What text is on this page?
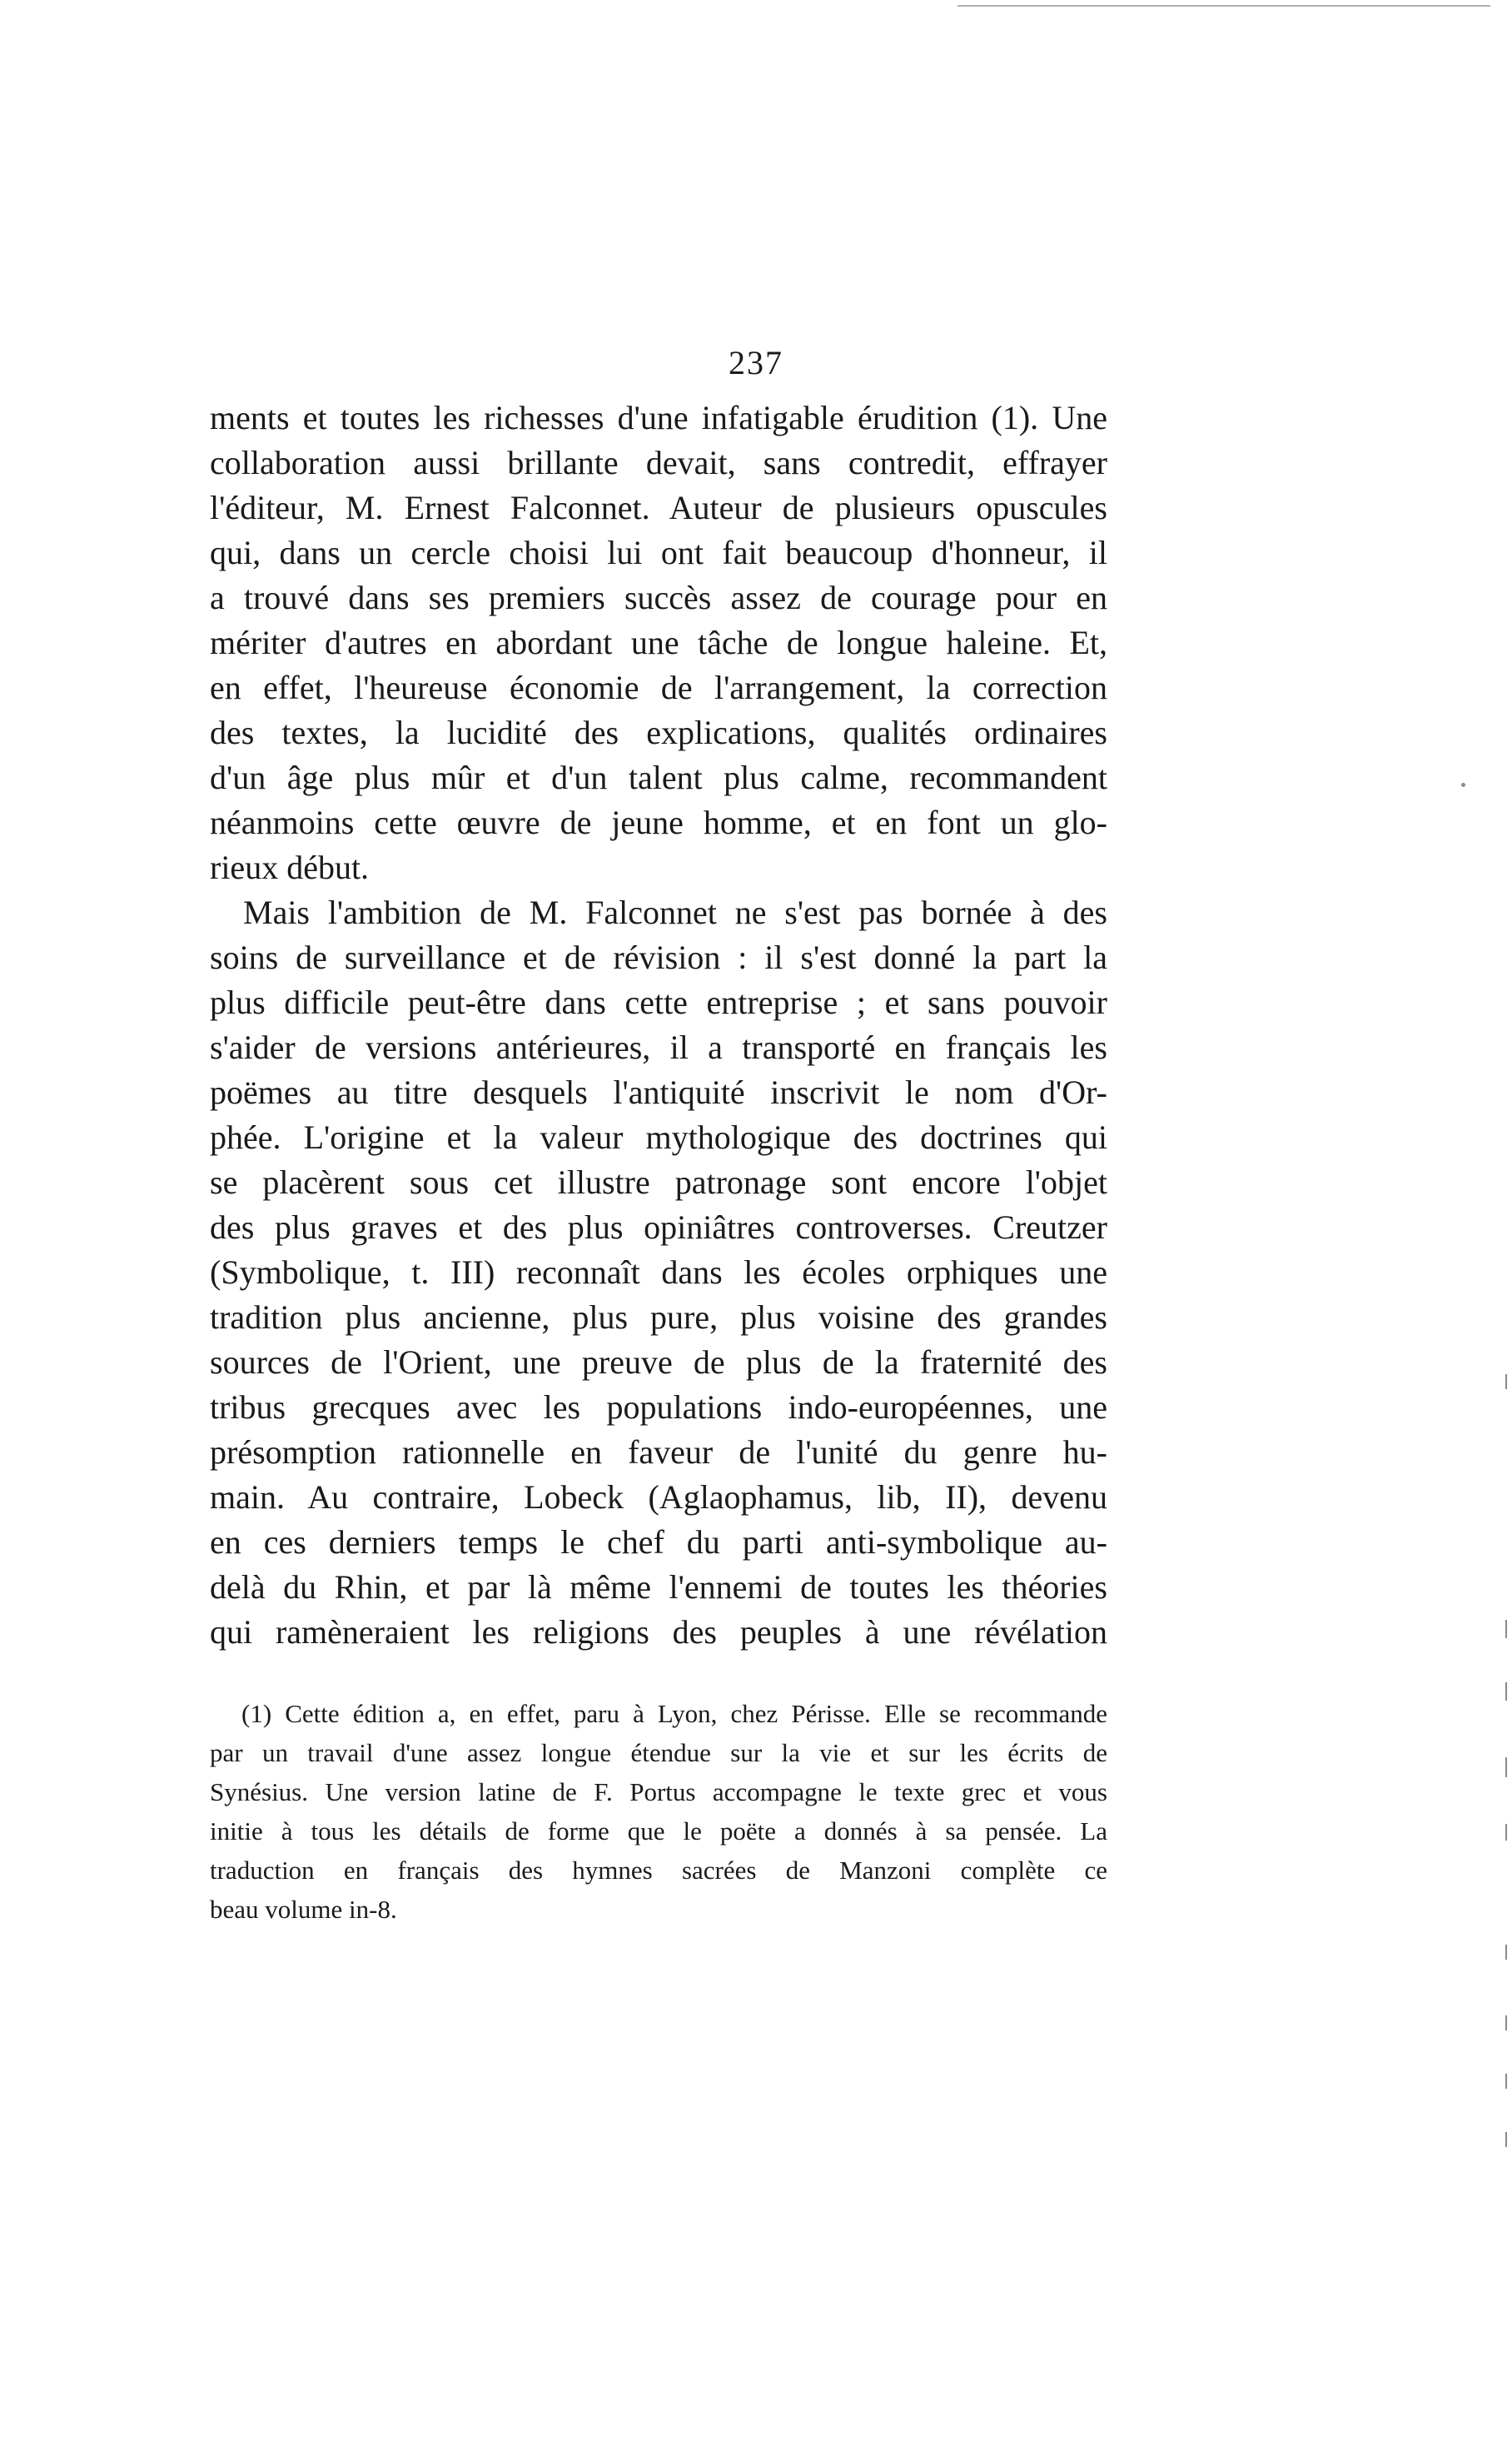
237
ments et toutes les richesses d'une infatigable érudition (1). Une
collaboration aussi brillante devait, sans contredit, effrayer
l'éditeur, M. Ernest Falconnet. Auteur de plusieurs opuscules
qui, dans un cercle choisi lui ont fait beaucoup d'honneur, il
a trouvé dans ses premiers succès assez de courage pour en
mériter d'autres en abordant une tâche de longue haleine. Et,
en effet, l'heureuse économie de l'arrangement, la correction
des textes, la lucidité des explications, qualités ordinaires
d'un âge plus mûr et d'un talent plus calme, recommandent
néanmoins cette œuvre de jeune homme, et en font un glo-
rieux début.
Mais l'ambition de M. Falconnet ne s'est pas bornée à des
soins de surveillance et de révision : il s'est donné la part la
plus difficile peut-être dans cette entreprise ; et sans pouvoir
s'aider de versions antérieures, il a transporté en français les
poëmes au titre desquels l'antiquité inscrivit le nom d'Or-
phée. L'origine et la valeur mythologique des doctrines qui
se placèrent sous cet illustre patronage sont encore l'objet
des plus graves et des plus opiniâtres controverses. Creutzer
(Symbolique, t. III) reconnaît dans les écoles orphiques une
tradition plus ancienne, plus pure, plus voisine des grandes
sources de l'Orient, une preuve de plus de la fraternité des
tribus grecques avec les populations indo-européennes, une
présomption rationnelle en faveur de l'unité du genre hu-
main. Au contraire, Lobeck (Aglaophamus, lib, II), devenu
en ces derniers temps le chef du parti anti-symbolique au-
delà du Rhin, et par là même l'ennemi de toutes les théories
qui ramèneraient les religions des peuples à une révélation
(1) Cette édition a, en effet, paru à Lyon, chez Périsse. Elle se recommande
par un travail d'une assez longue étendue sur la vie et sur les écrits de
Synésius. Une version latine de F. Portus accompagne le texte grec et vous
initie à tous les détails de forme que le poëte a donnés à sa pensée. La
traduction en français des hymnes sacrées de Manzoni complète ce
beau volume in-8.
